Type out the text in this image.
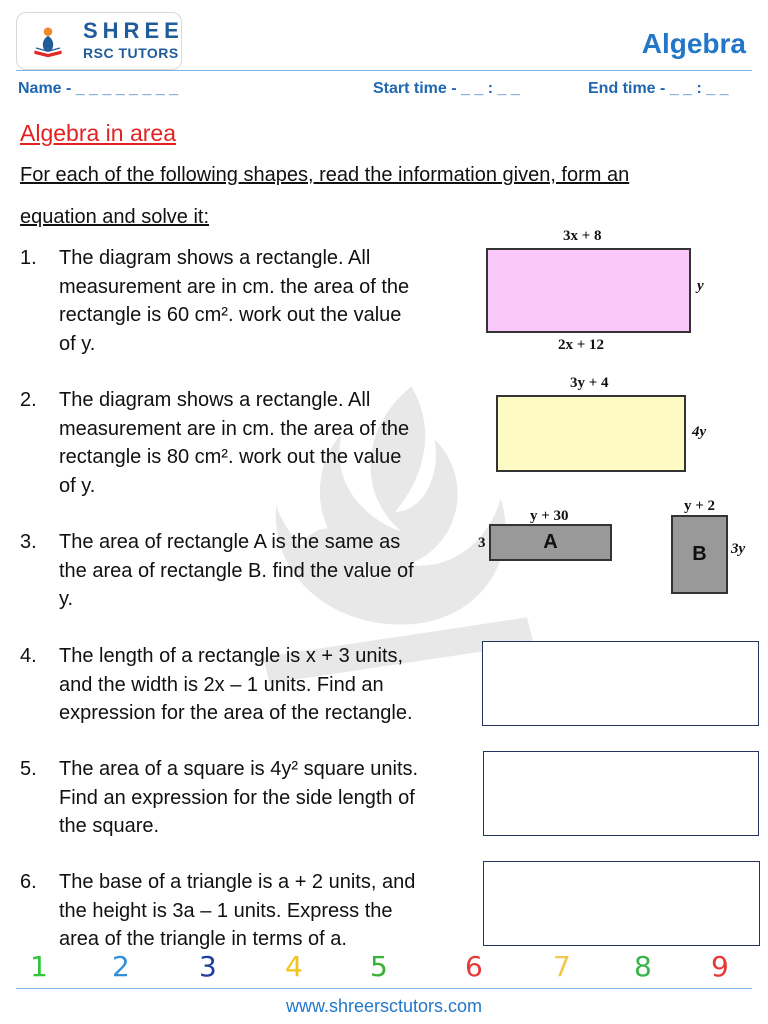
SHREE
RSC TUTORS	Algebra
Name - _ _ _ _ _ _ _ _	Start time - _ _ : _ _	End time - _ _ : _ _
Algebra in area
For each of the following shapes, read the information given, form an
equation and solve it:
1. The diagram shows a rectangle. All
measurement are in cm. the area of the
rectangle is 60 cm². work out the value
of y.
2. The diagram shows a rectangle. All
measurement are in cm. the area of the
rectangle is 80 cm². work out the value
of y.
3. The area of rectangle A is the same as
the area of rectangle B. find the value of
y.
4. The length of a rectangle is x + 3 units,
and the width is 2x – 1 units. Find an
expression for the area of the rectangle.
5. The area of a square is 4y² square units.
Find an expression for the side length of
the square.
6. The base of a triangle is a + 2 units, and
the height is 3a – 1 units. Express the
area of the triangle in terms of a.
3x + 8
y
2x + 12
3y + 4
4y
y + 30
3	A
y + 2
B 3y
1 2 3 4 5	6	7 8 9
www.shreersctutors.com
